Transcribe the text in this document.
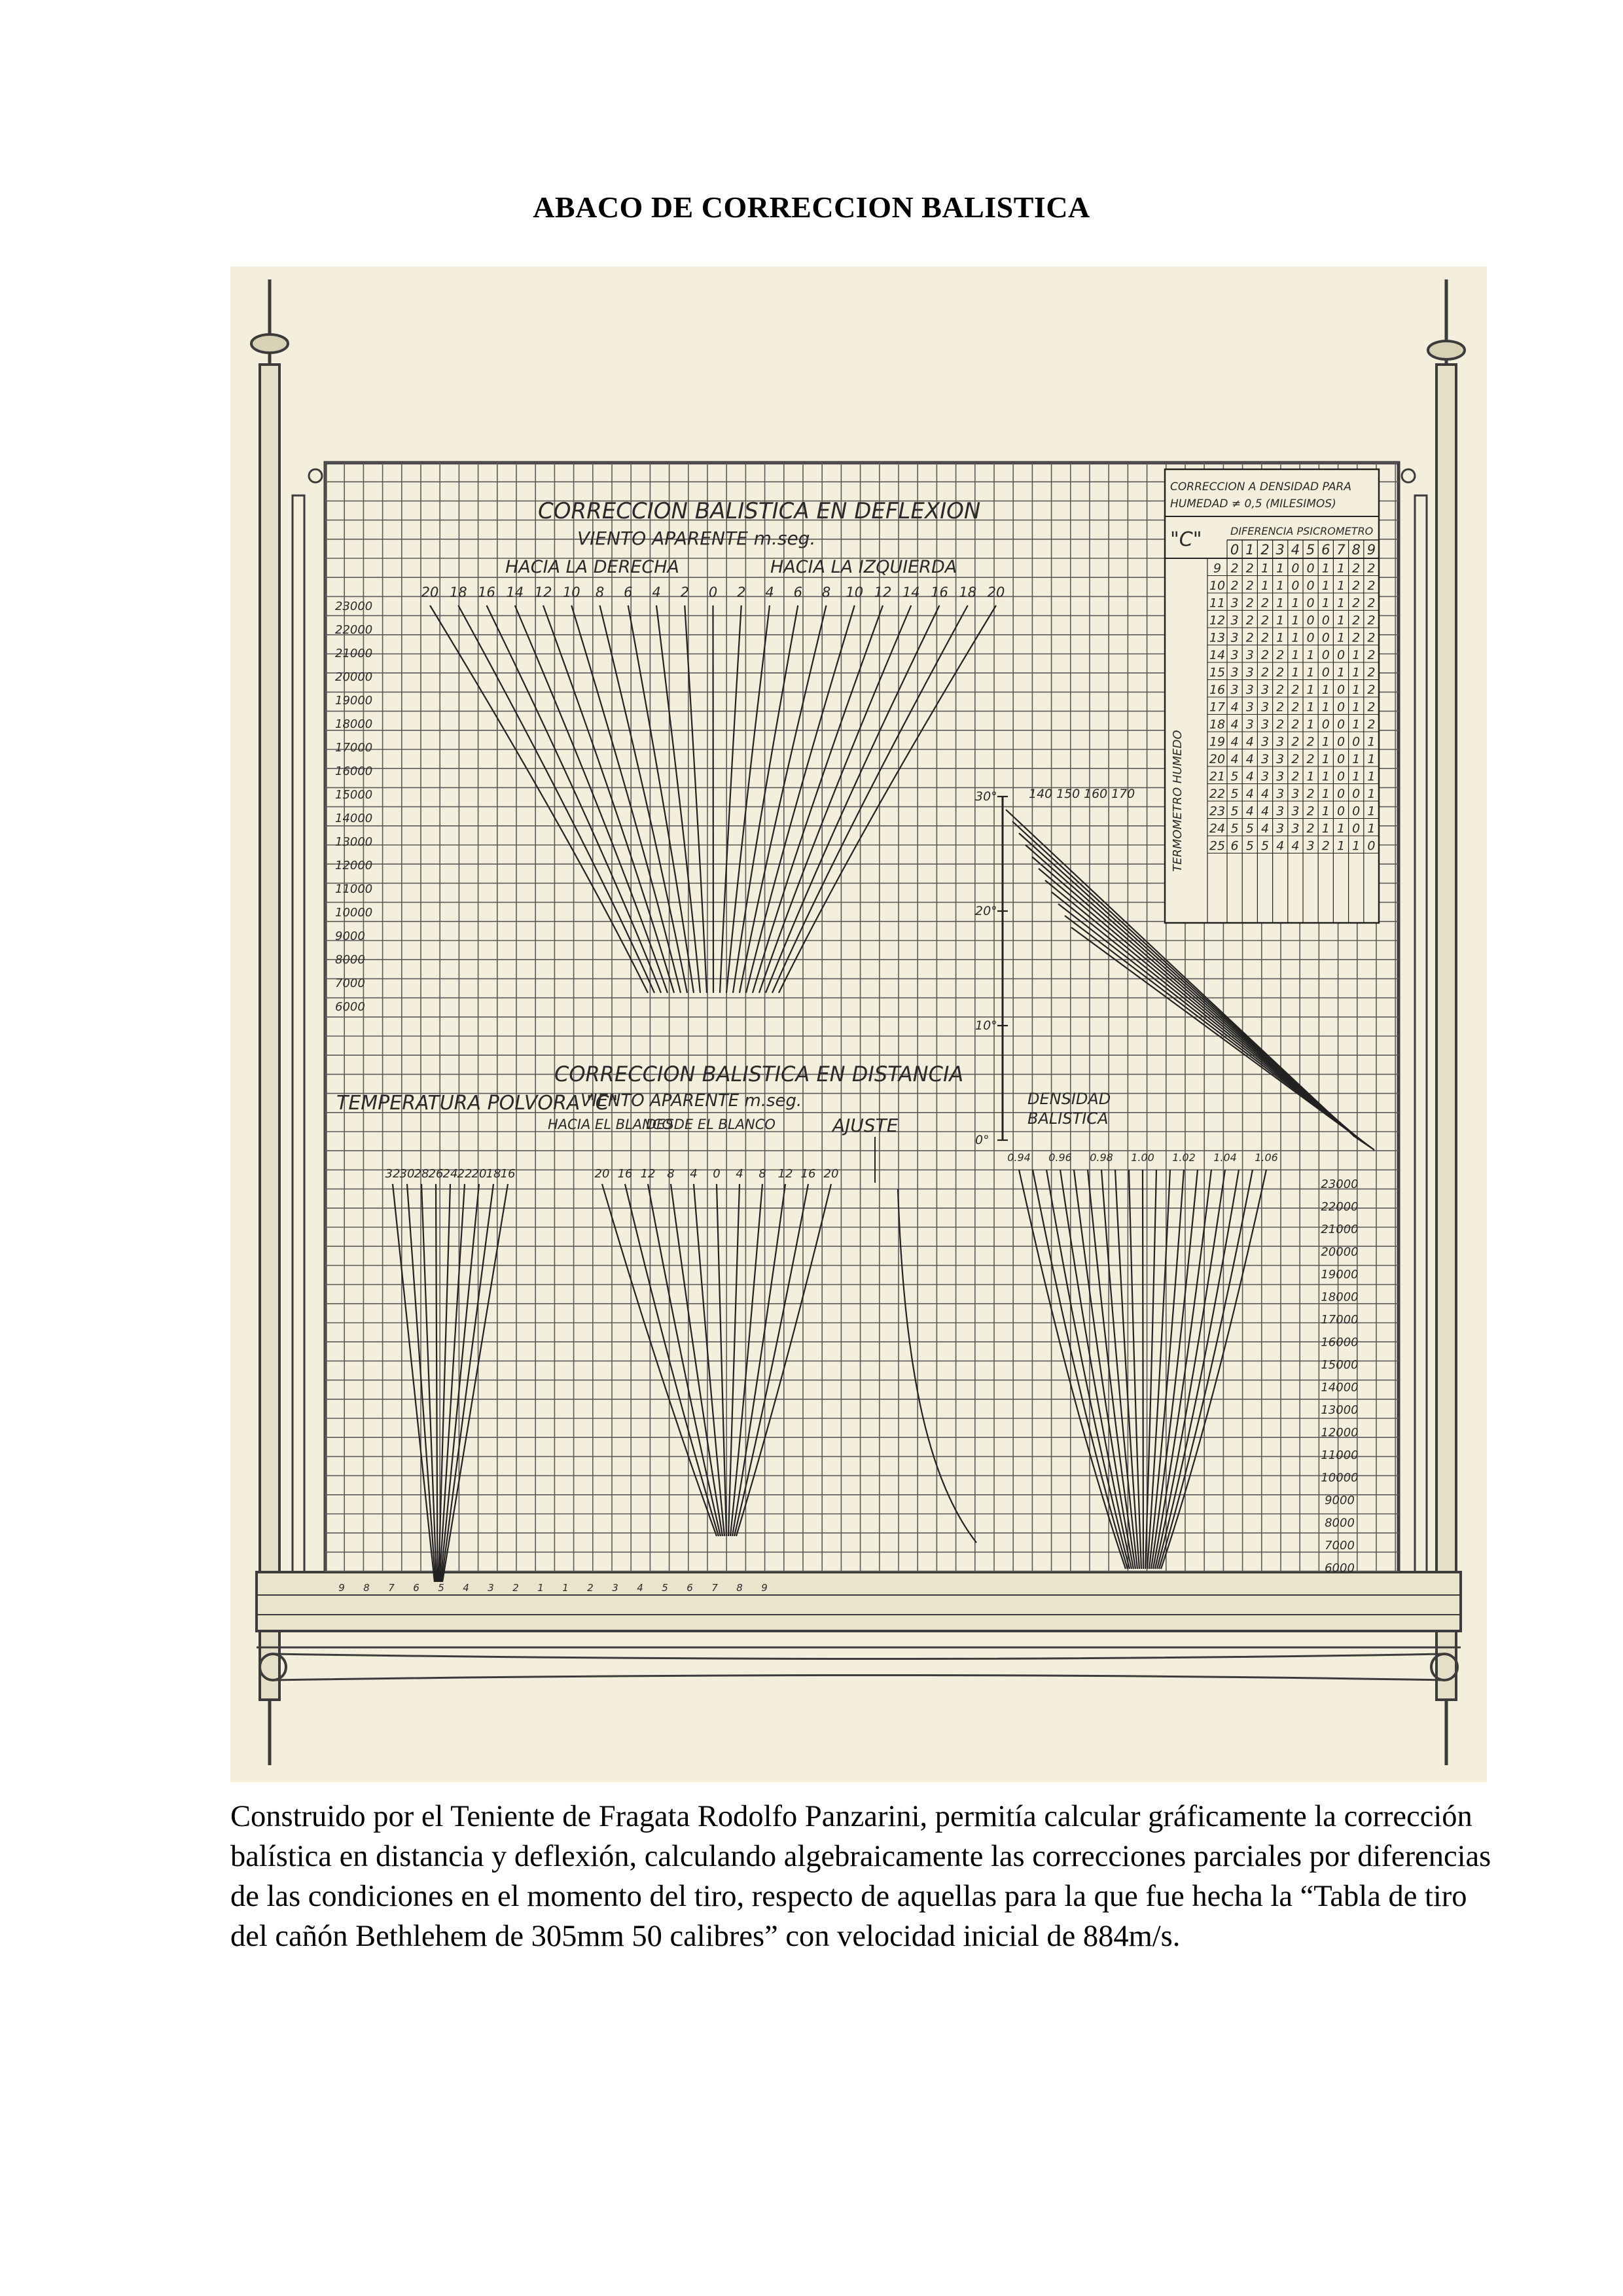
ABACO DE CORRECCION BALISTICA
CORRECCION A DENSIDAD PARA
HUMEDAD ≠ 0,5 (MILESIMOS)
"C"	DIFERENCIA PSICROMETRO
0 1 2 3 4 5 6 7 8 9
9 2 2 1 1 0 0 1 1 2 2
10 2 2 1 1 0 0 1 1 2 2
11 3 2 2 1 1 0 1 1 2 2
12 3 2 2 1 1 0 0 1 2 2
13 3 2 2 1 1 0 0 1 2 2
14 3 3 2 2 1 1 0 0 1 2
15 3 3 2 2 1 1 0 1 1 2
16 3 3 3 2 2 1 1 0 1 2
17 4 3 3 2 2 1 1 0 1 2
18 4 3 3 2 2 1 0 0 1 2
19 4 4 3 3 2 2 1 0 0 1
20 4 4 3 3 2 2 1 0 1 1
21 5 4 3 3 2 1 1 0 1 1
22 5 4 4 3 3 2 1 0 0 1
23 5 4 4 3 3 2 1 0 0 1
24 5 5 4 3 3 2 1 1 0 1
25 6 5 5 4 4 3 2 1 1 0
TERMOMETRO HUMEDO
20 18 16 14 12 10 8 6 4 2 0 2 4 6 8 10 12 14 16 18 20
23000
22000
21000
20000
19000
18000
17000
16000
15000
14000
13000
12000
11000
10000
9000
8000
7000
6000
CORRECCION BALISTICA EN DEFLEXION
VIENTO APARENTE m.seg.
HACIA LA DERECHA	HACIA LA IZQUIERDA
30°
20°
10°
0°
140 150 160 170
TEMPERATURA POLVORA "C"
32 30 28 26 24 22 20 18 16
CORRECCION BALISTICA EN DISTANCIA
VIENTO APARENTE m.seg.
HACIA EL BLANCO
DESDE EL BLANCO
20 16 12 8 4 0 4 8 12 16 20
AJUSTE
DENSIDAD
BALISTICA
0.94 0.96 0.98 1.00 1.02 1.04 1.06
23000
22000
21000
20000
19000
18000
17000
16000
15000
14000
13000
12000
11000
10000
9000
8000
7000
6000
9 8 7 6 5 4 3 2 1 1 2 3 4 5 6 7 8 9
Construido por el Teniente de Fragata Rodolfo Panzarini, permitía calcular gráficamente la corrección balística en distancia y deflexión, calculando algebraicamente las correcciones parciales por diferencias de las condiciones en el momento del tiro, respecto de aquellas para la que fue hecha la “Tabla de tiro del cañón Bethlehem de 305mm 50 calibres” con velocidad inicial de 884m/s.
